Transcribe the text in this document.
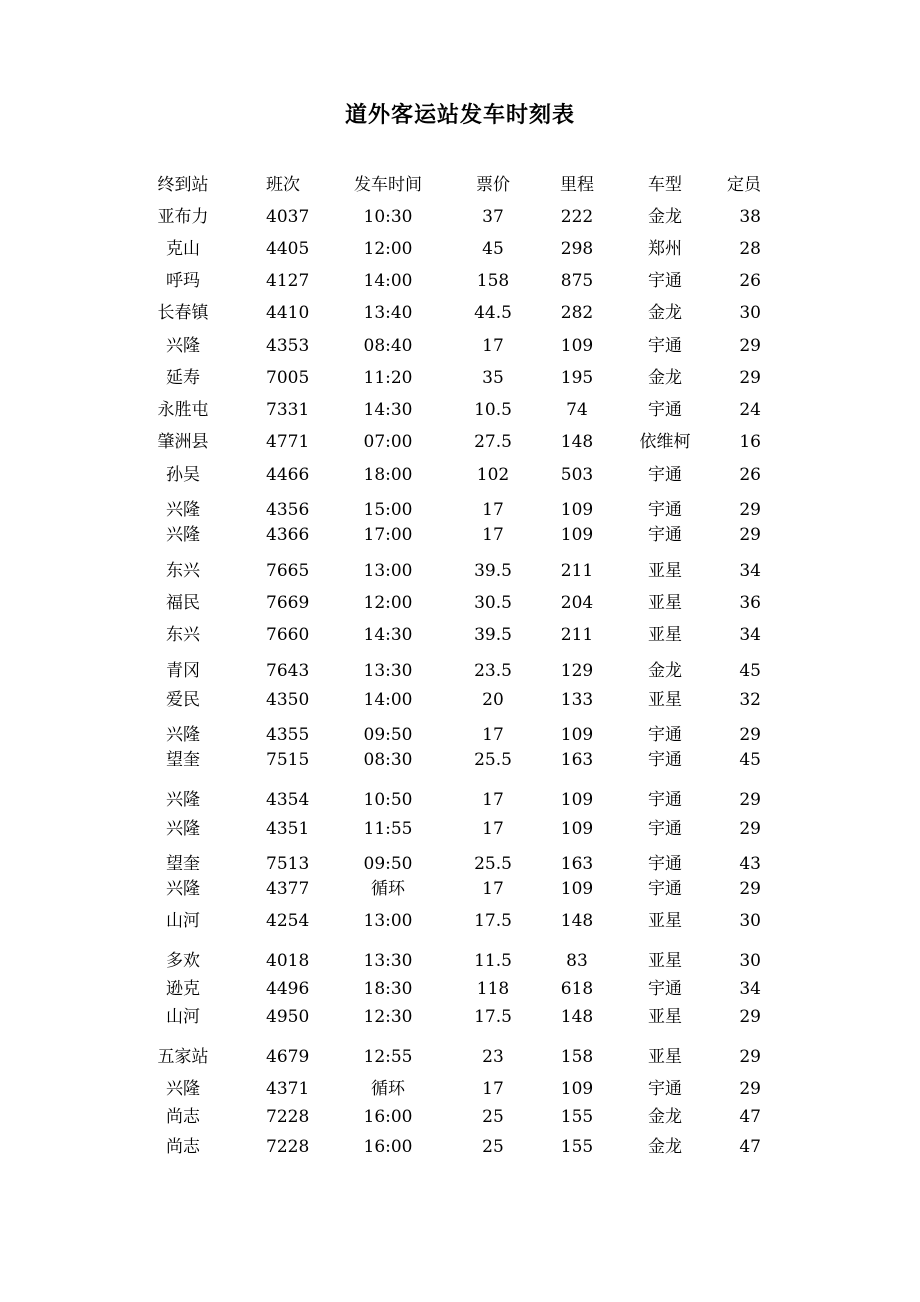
道外客运站发车时刻表
终到站	班次	发车时间	票价	里程	车型	定员
亚布力	4037	10:30	37	222	金龙	38
克山	4405	12:00	45	298	郑州	28
呼玛	4127	14:00	158	875	宇通	26
长春镇	4410	13:40	44.5	282	金龙	30
兴隆	4353	08:40	17	109	宇通	29
延寿	7005	11:20	35	195	金龙	29
永胜屯	7331	14:30	10.5	74	宇通	24
肇洲县	4771	07:00	27.5	148	依维柯	16
孙吴	4466	18:00	102	503	宇通	26
兴隆	4356	15:00	17	109	宇通	29
兴隆	4366	17:00	17	109	宇通	29
东兴	7665	13:00	39.5	211	亚星	34
福民	7669	12:00	30.5	204	亚星	36
东兴	7660	14:30	39.5	211	亚星	34
青冈	7643	13:30	23.5	129	金龙	45
爱民	4350	14:00	20	133	亚星	32
兴隆	4355	09:50	17	109	宇通	29
望奎	7515	08:30	25.5	163	宇通	45
兴隆	4354	10:50	17	109	宇通	29
兴隆	4351	11:55	17	109	宇通	29
望奎	7513	09:50	25.5	163	宇通	43
兴隆	4377	循环	17	109	宇通	29
山河	4254	13:00	17.5	148	亚星	30
多欢	4018	13:30	11.5	83	亚星	30
逊克	4496	18:30	118	618	宇通	34
山河	4950	12:30	17.5	148	亚星	29
五家站	4679	12:55	23	158	亚星	29
兴隆	4371	循环	17	109	宇通	29
尚志	7228	16:00	25	155	金龙	47
尚志	7228	16:00	25	155	金龙	47
